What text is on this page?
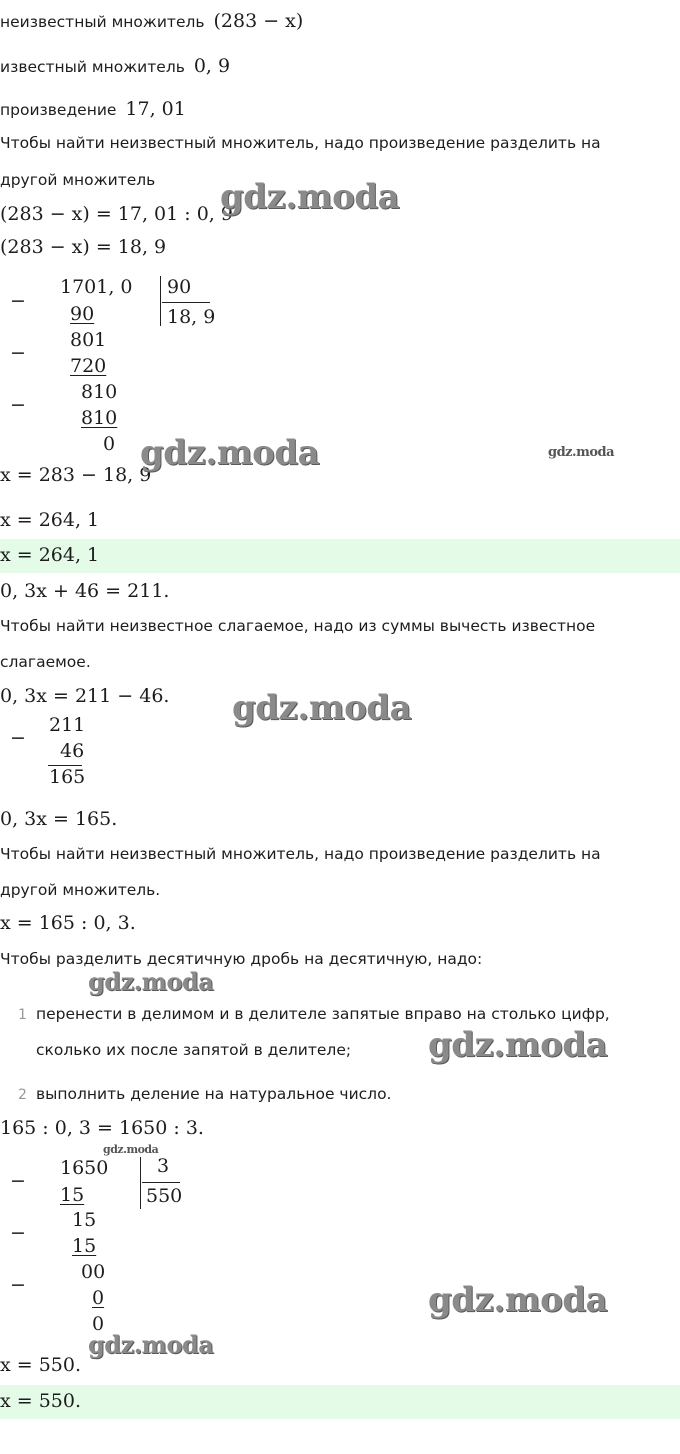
неизвестный множитель (283 − x)
известный множитель 0, 9
произведение 17, 01
Чтобы найти неизвестный множитель, надо произведение разделить на
другой множитель
(283 − x) = 17, 01 : 0, 9
(283 − x) = 18, 9
−
1701, 0 90
18, 9
90
−
801
720
−
810
810
0
x = 283 − 18, 9
x = 264, 1
x = 264, 1
0, 3x + 46 = 211.
Чтобы найти неизвестное слагаемое, надо из суммы вычесть известное
слагаемое.
0, 3x = 211 − 46.
−
211
46
165
0, 3x = 165.
Чтобы найти неизвестный множитель, надо произведение разделить на
другой множитель.
x = 165 : 0, 3.
Чтобы разделить десятичную дробь на десятичную, надо:
1 перенести в делимом и в делителе запятые вправо на столько цифр,
сколько их после запятой в делителе;
2 выполнить деление на натуральное число.
165 : 0, 3 = 1650 : 3.
−
1650	3
550
15
−
15
15
−
00
0
0
x = 550.
x = 550.
gdz.moda
gdz.moda	gdz.moda
gdz.moda
gdz.moda
gdz.moda
gdz.moda
gdz.moda
gdz.moda
